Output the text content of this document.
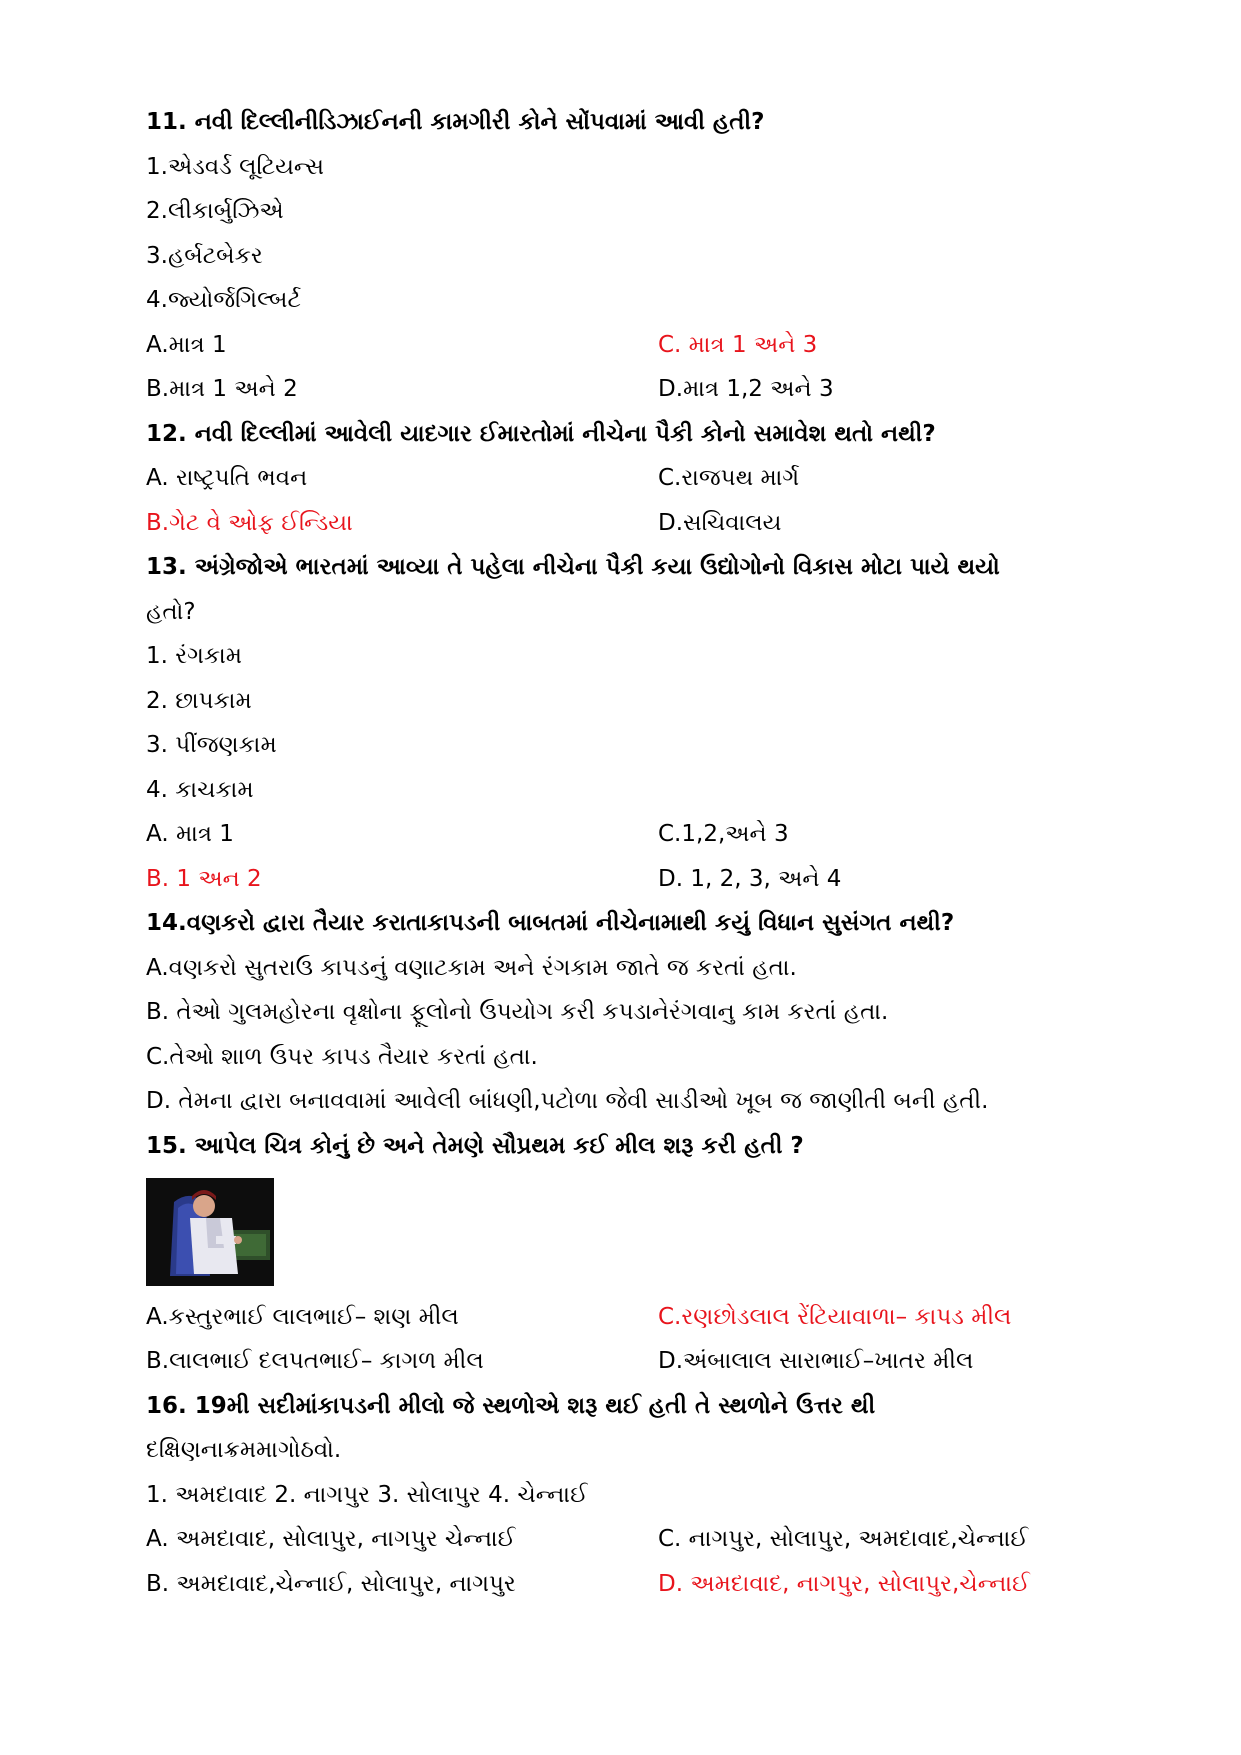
11. નવી દિલ્લીનીડિઝાઈનની કામગીરી કોને સોંપવામાં આવી હતી?
1.એડવર્ડ લૂટિયન્સ
2.લીકાર્બુઝિએ
3.હર્બટબેકર
4.જ્યોર્જગિલ્બર્ટ
A.માત્ર 1	C. માત્ર 1 અને 3
B.માત્ર 1 અને 2	D.માત્ર 1,2 અને 3
12. નવી દિલ્લીમાં આવેલી યાદગાર ઈમારતોમાં નીચેના પૈકી કોનો સમાવેશ થતો નથી?
A. રાષ્ટ્રપતિ ભવન	C.રાજપથ માર્ગ
B.ગેટ વે ઓફ ઈન્ડિયા	D.સચિવાલય
13. અંગ્રેજોએ ભારતમાં આવ્યા તે પહેલા નીચેના પૈકી કયા ઉદ્યોગોનો વિકાસ મોટા પાયે થયો
હતો?
1. રંગકામ
2. છાપકામ
3. પીંજણકામ
4. કાચકામ
A. માત્ર 1	C.1,2,અને 3
B. 1 અન 2	D. 1, 2, 3, અને 4
14.વણકરો દ્વારા તૈયાર કરાતાકાપડની બાબતમાં નીચેનામાથી કયું વિધાન સુસંગત નથી?
A.વણકરો સુતરાઉ કાપડનું વણાટકામ અને રંગકામ જાતે જ કરતાં હતા.
B. તેઓ ગુલમહોરના વૃક્ષોના ફૂલોનો ઉપયોગ કરી કપડાનેરંગવાનુ કામ કરતાં હતા.
C.તેઓ શાળ ઉપર કાપડ તૈયાર કરતાં હતા.
D. તેમના દ્વારા બનાવવામાં આવેલી બાંધણી,પટોળા જેવી સાડીઓ ખૂબ જ જાણીતી બની હતી.
15. આપેલ ચિત્ર કોનું છે અને તેમણે સૌપ્રથમ કઈ મીલ શરૂ કરી હતી ?
A.કસ્તુરભાઈ લાલભાઈ– શણ મીલ	C.રણછોડલાલ રેંટિયાવાળા– કાપડ મીલ
B.લાલભાઈ દલપતભાઈ– કાગળ મીલ	D.અંબાલાલ સારાભાઈ–ખાતર મીલ
16. 19મી સદીમાંકાપડની મીલો જે સ્થળોએ શરૂ થઈ હતી તે સ્થળોને ઉત્તર થી
દક્ષિણનાક્રમમાગોઠવો.
1. અમદાવાદ 2. નાગપુર 3. સોલાપુર 4. ચેન્નાઈ
A. અમદાવાદ, સોલાપુર, નાગપુર ચેન્નાઈ	C. નાગપુર, સોલાપુર, અમદાવાદ,ચેન્નાઈ
B. અમદાવાદ,ચેન્નાઈ, સોલાપુર, નાગપુર	D. અમદાવાદ, નાગપુર, સોલાપુર,ચેન્નાઈ
